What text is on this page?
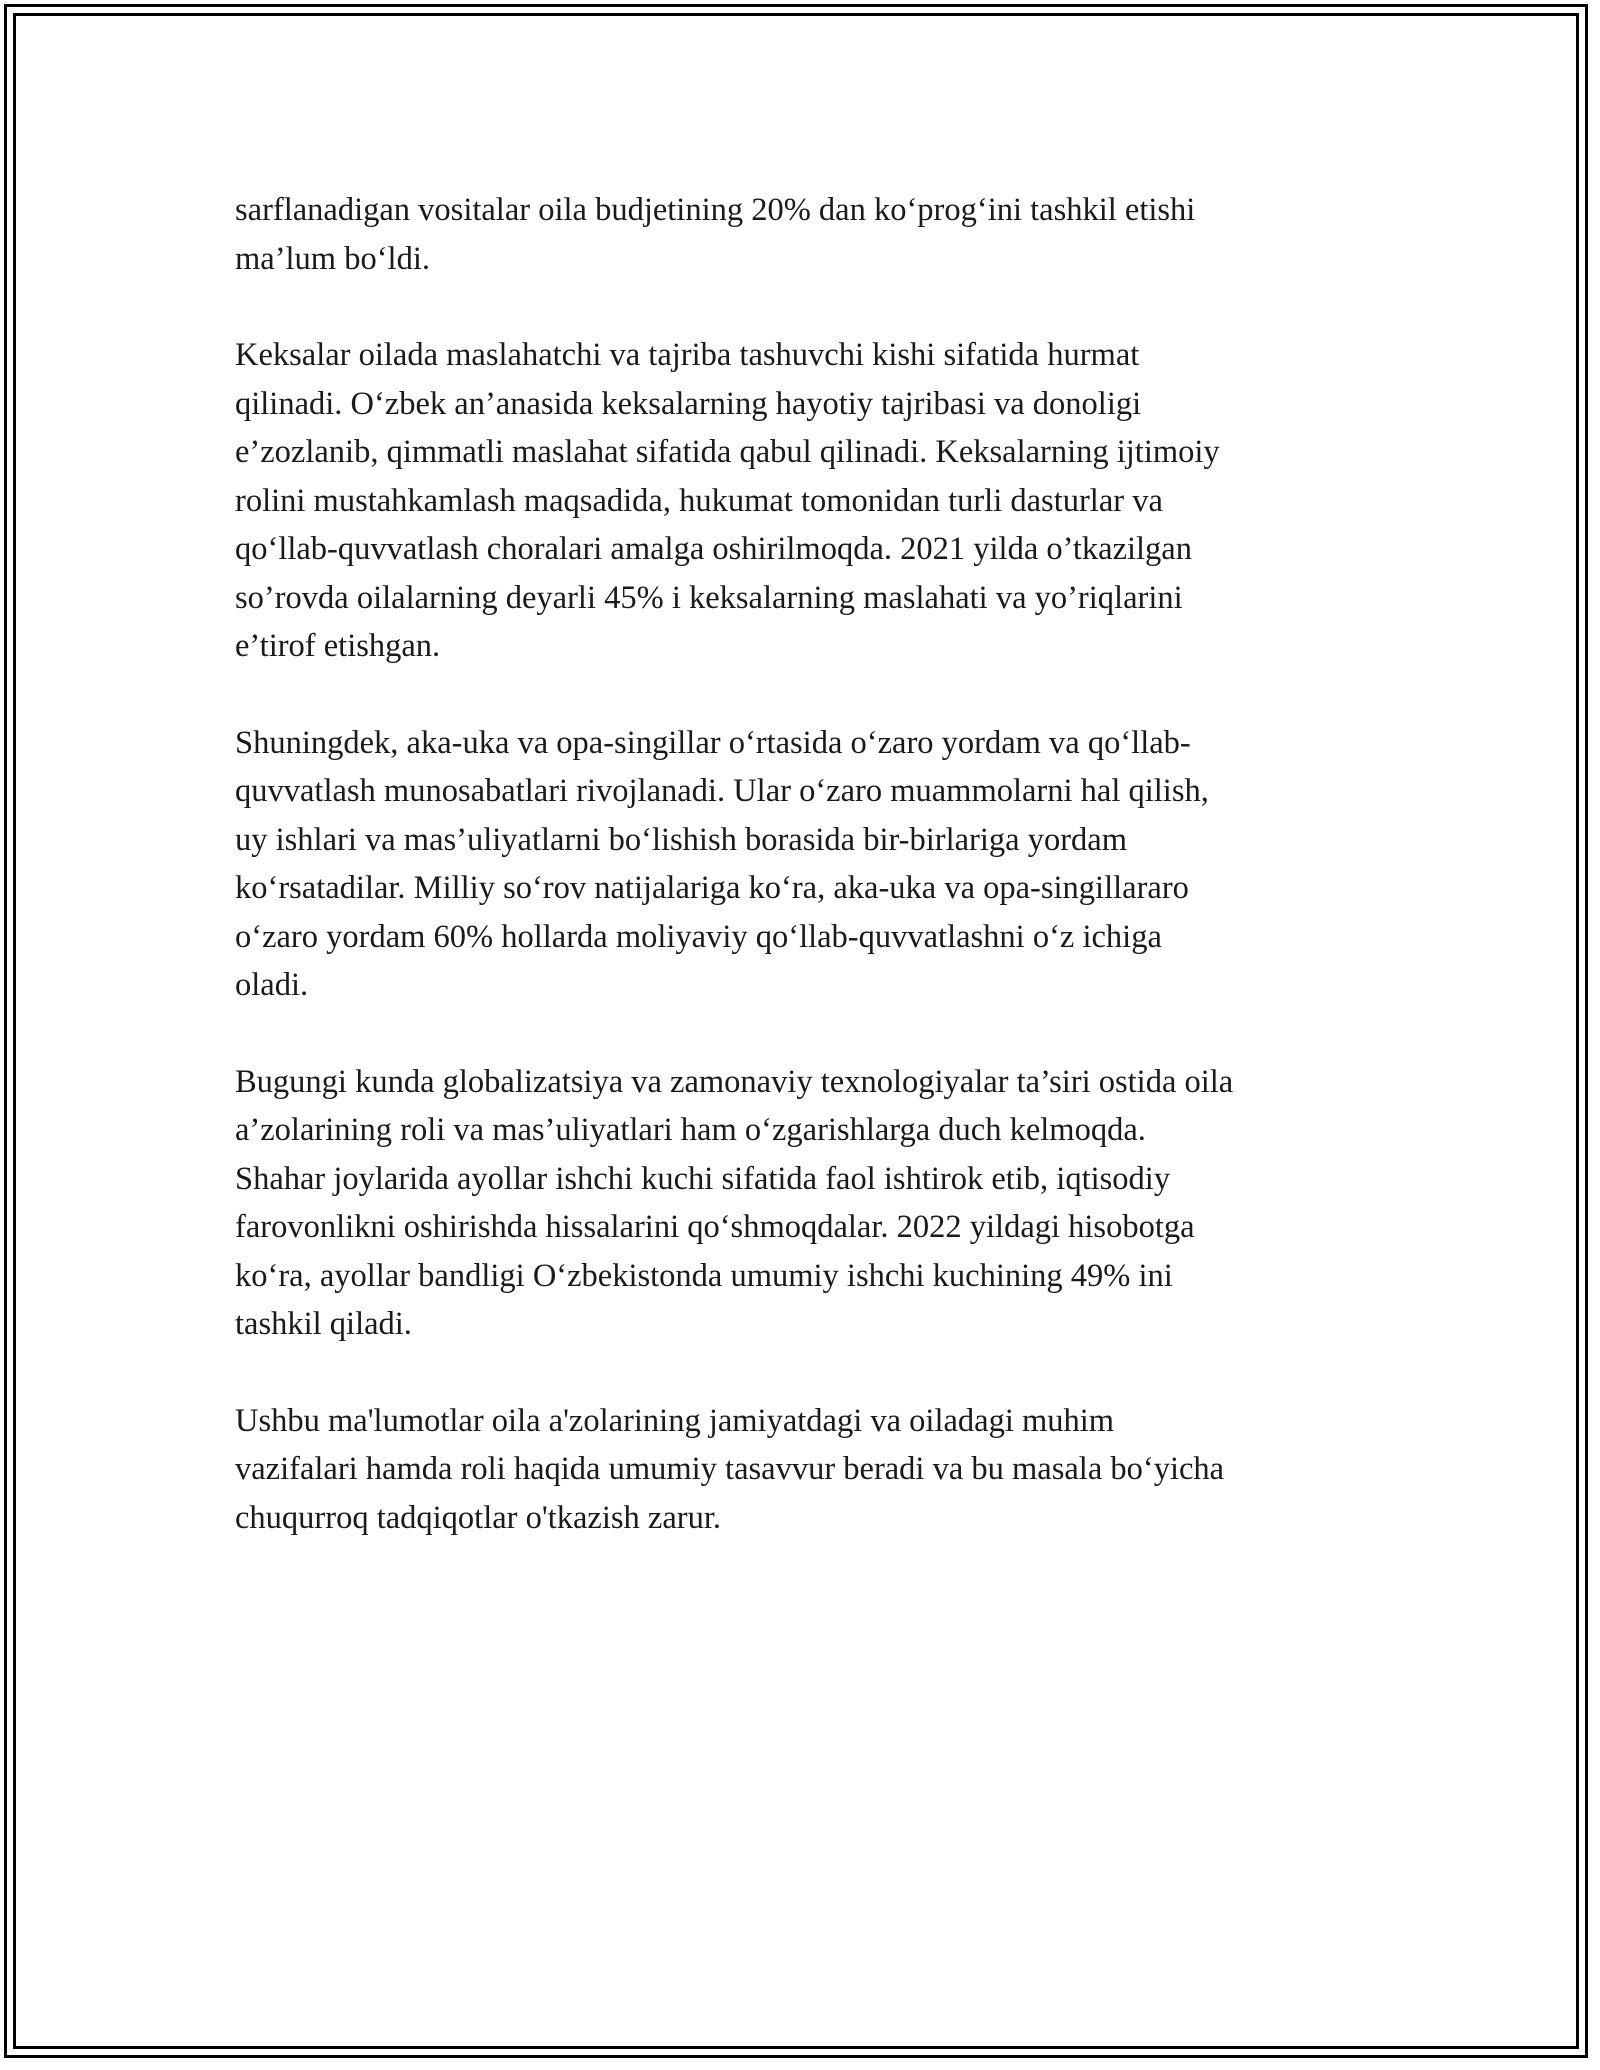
sarflanadigan vositalar oila budjetining 20% dan ko‘prog‘ini tashkil etishi
ma’lum bo‘ldi.

Keksalar oilada maslahatchi va tajriba tashuvchi kishi sifatida hurmat
qilinadi. O‘zbek an’anasida keksalarning hayotiy tajribasi va donoligi
e’zozlanib, qimmatli maslahat sifatida qabul qilinadi. Keksalarning ijtimoiy
rolini mustahkamlash maqsadida, hukumat tomonidan turli dasturlar va
qo‘llab-quvvatlash choralari amalga oshirilmoqda. 2021 yilda o’tkazilgan
so’rovda oilalarning deyarli 45% i keksalarning maslahati va yo’riqlarini
e’tirof etishgan.

Shuningdek, aka-uka va opa-singillar o‘rtasida o‘zaro yordam va qo‘llab-
quvvatlash munosabatlari rivojlanadi. Ular o‘zaro muammolarni hal qilish,
uy ishlari va mas’uliyatlarni bo‘lishish borasida bir-birlariga yordam
ko‘rsatadilar. Milliy so‘rov natijalariga ko‘ra, aka-uka va opa-singillararo
o‘zaro yordam 60% hollarda moliyaviy qo‘llab-quvvatlashni o‘z ichiga
oladi.

Bugungi kunda globalizatsiya va zamonaviy texnologiyalar ta’siri ostida oila
a’zolarining roli va mas’uliyatlari ham o‘zgarishlarga duch kelmoqda.
Shahar joylarida ayollar ishchi kuchi sifatida faol ishtirok etib, iqtisodiy
farovonlikni oshirishda hissalarini qo‘shmoqdalar. 2022 yildagi hisobotga
ko‘ra, ayollar bandligi O‘zbekistonda umumiy ishchi kuchining 49% ini
tashkil qiladi.

Ushbu ma'lumotlar oila a'zolarining jamiyatdagi va oiladagi muhim
vazifalari hamda roli haqida umumiy tasavvur beradi va bu masala bo‘yicha
chuqurroq tadqiqotlar o'tkazish zarur.
